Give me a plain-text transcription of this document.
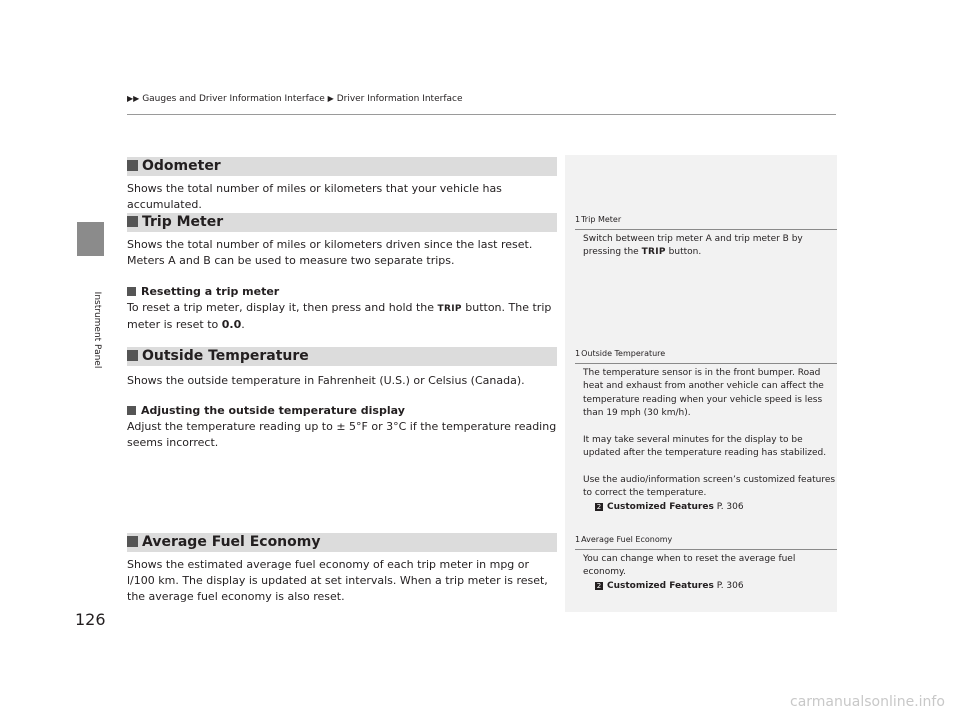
Instrument Panel
▶▶ Gauges and Driver Information Interface ▶ Driver Information Interface
Odometer
Shows the total number of miles or kilometers that your vehicle has accumulated.
Trip Meter
Shows the total number of miles or kilometers driven since the last reset. Meters A and B can be used to measure two separate trips.
Resetting a trip meter
To reset a trip meter, display it, then press and hold the TRIP button. The trip meter is reset to 0.0.
Outside Temperature
Shows the outside temperature in Fahrenheit (U.S.) or Celsius (Canada).
Adjusting the outside temperature display
Adjust the temperature reading up to ± 5°F or 3°C if the temperature reading seems incorrect.
Average Fuel Economy
Shows the estimated average fuel economy of each trip meter in mpg or l/100 km. The display is updated at set intervals. When a trip meter is reset, the average fuel economy is also reset.
1Trip Meter
Switch between trip meter A and trip meter B by pressing the TRIP button.
1Outside Temperature
The temperature sensor is in the front bumper. Road heat and exhaust from another vehicle can affect the temperature reading when your vehicle speed is less than 19 mph (30 km/h).
It may take several minutes for the display to be updated after the temperature reading has stabilized.
Use the audio/information screen’s customized features to correct the temperature.
2 Customized Features P. 306
1Average Fuel Economy
You can change when to reset the average fuel economy.
2 Customized Features P. 306
126
carmanualsonline.info
